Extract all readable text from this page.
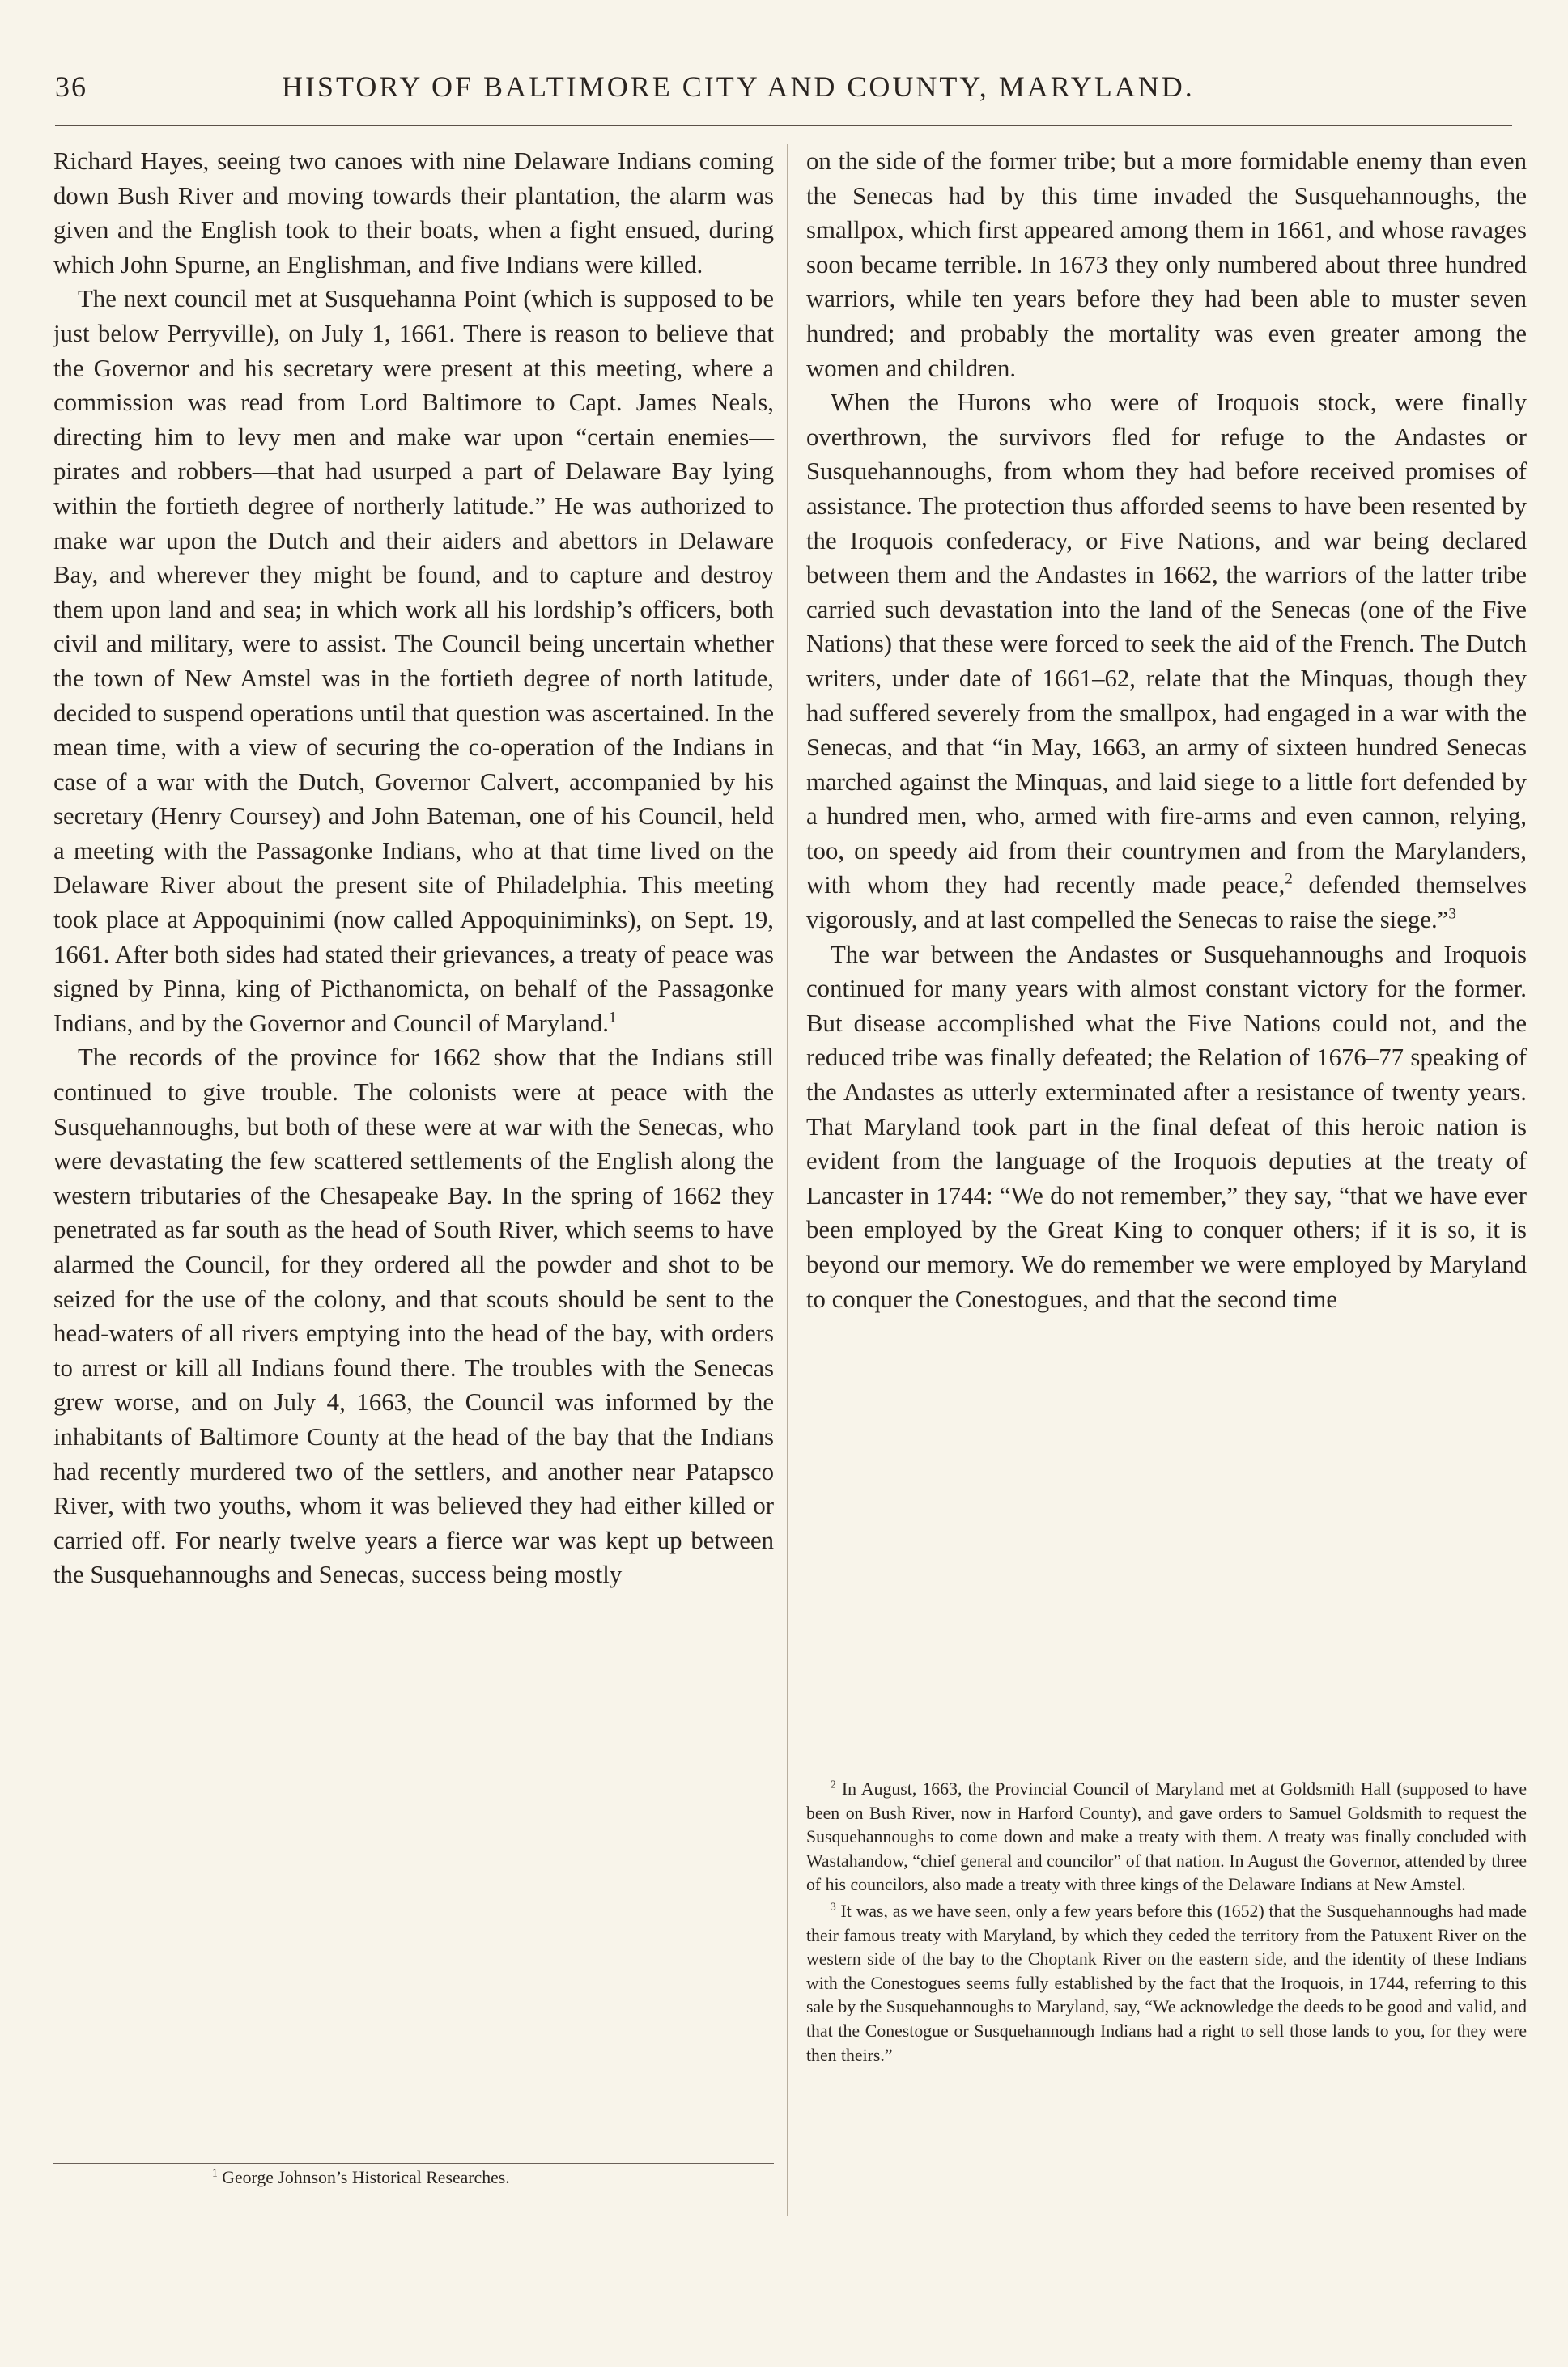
36	HISTORY OF BALTIMORE CITY AND COUNTY, MARYLAND.

Richard Hayes, seeing two canoes with nine Delaware Indians coming down Bush River and moving towards their plantation, the alarm was given and the English took to their boats, when a fight ensued, during which John Spurne, an Englishman, and five Indians were killed.

The next council met at Susquehanna Point (which is supposed to be just below Perryville), on July 1, 1661. There is reason to believe that the Governor and his secretary were present at this meeting, where a commission was read from Lord Baltimore to Capt. James Neals, directing him to levy men and make war upon “certain enemies—pirates and robbers—that had usurped a part of Delaware Bay lying within the fortieth degree of northerly latitude.” He was authorized to make war upon the Dutch and their aiders and abettors in Delaware Bay, and wherever they might be found, and to capture and destroy them upon land and sea; in which work all his lordship’s officers, both civil and military, were to assist. The Council being uncertain whether the town of New Amstel was in the fortieth degree of north latitude, decided to suspend operations until that question was ascertained. In the mean time, with a view of securing the co-operation of the Indians in case of a war with the Dutch, Governor Calvert, accompanied by his secretary (Henry Coursey) and John Bateman, one of his Council, held a meeting with the Passagonke Indians, who at that time lived on the Delaware River about the present site of Philadelphia. This meeting took place at Appoquinimi (now called Appoquiniminks), on Sept. 19, 1661. After both sides had stated their grievances, a treaty of peace was signed by Pinna, king of Picthanomicta, on behalf of the Passagonke Indians, and by the Governor and Council of Maryland.$^1$

The records of the province for 1662 show that the Indians still continued to give trouble. The colonists were at peace with the Susquehannoughs, but both of these were at war with the Senecas, who were devastating the few scattered settlements of the English along the western tributaries of the Chesapeake Bay. In the spring of 1662 they penetrated as far south as the head of South River, which seems to have alarmed the Council, for they ordered all the powder and shot to be seized for the use of the colony, and that scouts should be sent to the head-waters of all rivers emptying into the head of the bay, with orders to arrest or kill all Indians found there. The troubles with the Senecas grew worse, and on July 4, 1663, the Council was informed by the inhabitants of Baltimore County at the head of the bay that the Indians had recently murdered two of the settlers, and another near Patapsco River, with two youths, whom it was believed they had either killed or carried off. For nearly twelve years a fierce war was kept up between the Susquehannoughs and Senecas, success being mostly

on the side of the former tribe; but a more formidable enemy than even the Senecas had by this time invaded the Susquehannoughs, the smallpox, which first appeared among them in 1661, and whose ravages soon became terrible. In 1673 they only numbered about three hundred warriors, while ten years before they had been able to muster seven hundred; and probably the mortality was even greater among the women and children.

When the Hurons who were of Iroquois stock, were finally overthrown, the survivors fled for refuge to the Andastes or Susquehannoughs, from whom they had before received promises of assistance. The protection thus afforded seems to have been resented by the Iroquois confederacy, or Five Nations, and war being declared between them and the Andastes in 1662, the warriors of the latter tribe carried such devastation into the land of the Senecas (one of the Five Nations) that these were forced to seek the aid of the French. The Dutch writers, under date of 1661–62, relate that the Minquas, though they had suffered severely from the smallpox, had engaged in a war with the Senecas, and that “in May, 1663, an army of sixteen hundred Senecas marched against the Minquas, and laid siege to a little fort defended by a hundred men, who, armed with fire-arms and even cannon, relying, too, on speedy aid from their countrymen and from the Marylanders, with whom they had recently made peace,$^2$ defended themselves vigorously, and at last compelled the Senecas to raise the siege.”$^3$

The war between the Andastes or Susquehannoughs and Iroquois continued for many years with almost constant victory for the former. But disease accomplished what the Five Nations could not, and the reduced tribe was finally defeated; the Relation of 1676–77 speaking of the Andastes as utterly exterminated after a resistance of twenty years. That Maryland took part in the final defeat of this heroic nation is evident from the language of the Iroquois deputies at the treaty of Lancaster in 1744: “We do not remember,” they say, “that we have ever been employed by the Great King to conquer others; if it is so, it is beyond our memory. We do remember we were employed by Maryland to conquer the Conestogues, and that the second time

$^1$ George Johnson’s Historical Researches.

$^2$ In August, 1663, the Provincial Council of Maryland met at Goldsmith Hall (supposed to have been on Bush River, now in Harford County), and gave orders to Samuel Goldsmith to request the Susquehannoughs to come down and make a treaty with them. A treaty was finally concluded with Wastahandow, “chief general and councilor” of that nation. In August the Governor, attended by three of his councilors, also made a treaty with three kings of the Delaware Indians at New Amstel.

$^3$ It was, as we have seen, only a few years before this (1652) that the Susquehannoughs had made their famous treaty with Maryland, by which they ceded the territory from the Patuxent River on the western side of the bay to the Choptank River on the eastern side, and the identity of these Indians with the Conestogues seems fully established by the fact that the Iroquois, in 1744, referring to this sale by the Susquehannoughs to Maryland, say, “We acknowledge the deeds to be good and valid, and that the Conestogue or Susquehannough Indians had a right to sell those lands to you, for they were then theirs.”
